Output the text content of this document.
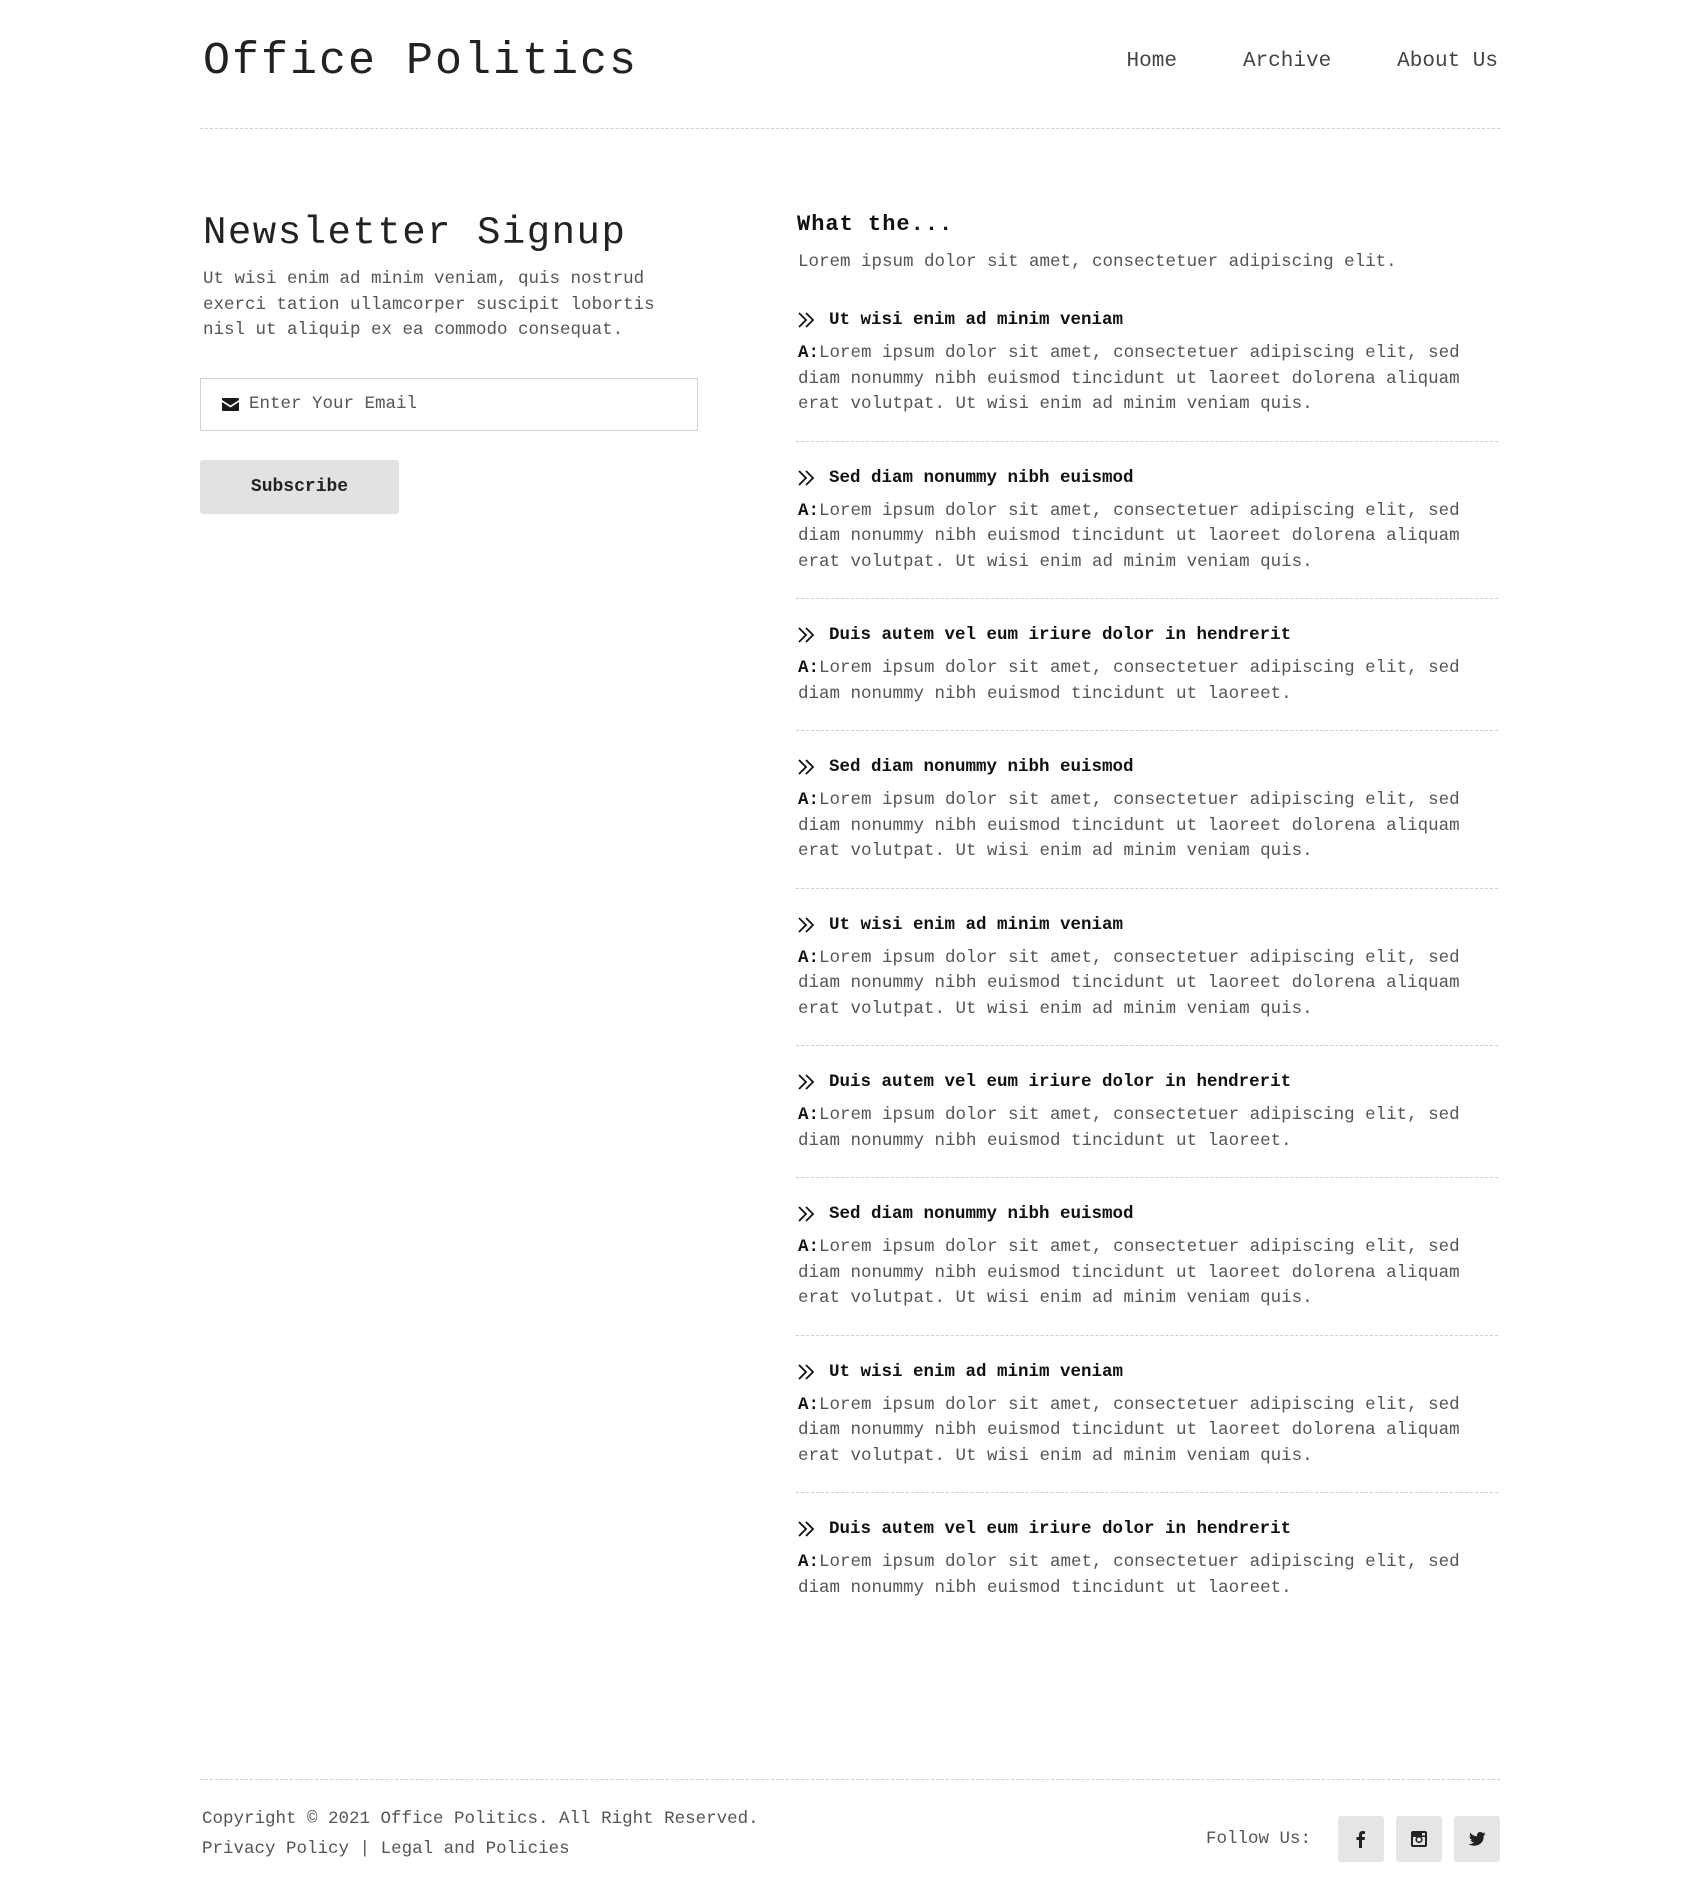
Office Politics	Home	Archive	About Us
Newsletter Signup

Ut wisi enim ad minim veniam, quis nostrud exerci tation ullamcorper suscipit lobortis nisl ut aliquip ex ea commodo consequat.

Enter Your Email
Subscribe
What the...

Lorem ipsum dolor sit amet, consectetuer adipiscing elit.

Ut wisi enim ad minim veniam

A:Lorem ipsum dolor sit amet, consectetuer adipiscing elit, sed diam nonummy nibh euismod tincidunt ut laoreet dolorena aliquam erat volutpat. Ut wisi enim ad minim veniam quis.

Sed diam nonummy nibh euismod

A:Lorem ipsum dolor sit amet, consectetuer adipiscing elit, sed diam nonummy nibh euismod tincidunt ut laoreet dolorena aliquam erat volutpat. Ut wisi enim ad minim veniam quis.

Duis autem vel eum iriure dolor in hendrerit

A:Lorem ipsum dolor sit amet, consectetuer adipiscing elit, sed diam nonummy nibh euismod tincidunt ut laoreet.

Sed diam nonummy nibh euismod

A:Lorem ipsum dolor sit amet, consectetuer adipiscing elit, sed diam nonummy nibh euismod tincidunt ut laoreet dolorena aliquam erat volutpat. Ut wisi enim ad minim veniam quis.

Ut wisi enim ad minim veniam

A:Lorem ipsum dolor sit amet, consectetuer adipiscing elit, sed diam nonummy nibh euismod tincidunt ut laoreet dolorena aliquam erat volutpat. Ut wisi enim ad minim veniam quis.

Duis autem vel eum iriure dolor in hendrerit

A:Lorem ipsum dolor sit amet, consectetuer adipiscing elit, sed diam nonummy nibh euismod tincidunt ut laoreet.

Sed diam nonummy nibh euismod

A:Lorem ipsum dolor sit amet, consectetuer adipiscing elit, sed diam nonummy nibh euismod tincidunt ut laoreet dolorena aliquam erat volutpat. Ut wisi enim ad minim veniam quis.

Ut wisi enim ad minim veniam

A:Lorem ipsum dolor sit amet, consectetuer adipiscing elit, sed diam nonummy nibh euismod tincidunt ut laoreet dolorena aliquam erat volutpat. Ut wisi enim ad minim veniam quis.

Duis autem vel eum iriure dolor in hendrerit

A:Lorem ipsum dolor sit amet, consectetuer adipiscing elit, sed diam nonummy nibh euismod tincidunt ut laoreet.

Copyright © 2021 Office Politics. All Right Reserved.
Privacy Policy | Legal and Policies	Follow Us:
